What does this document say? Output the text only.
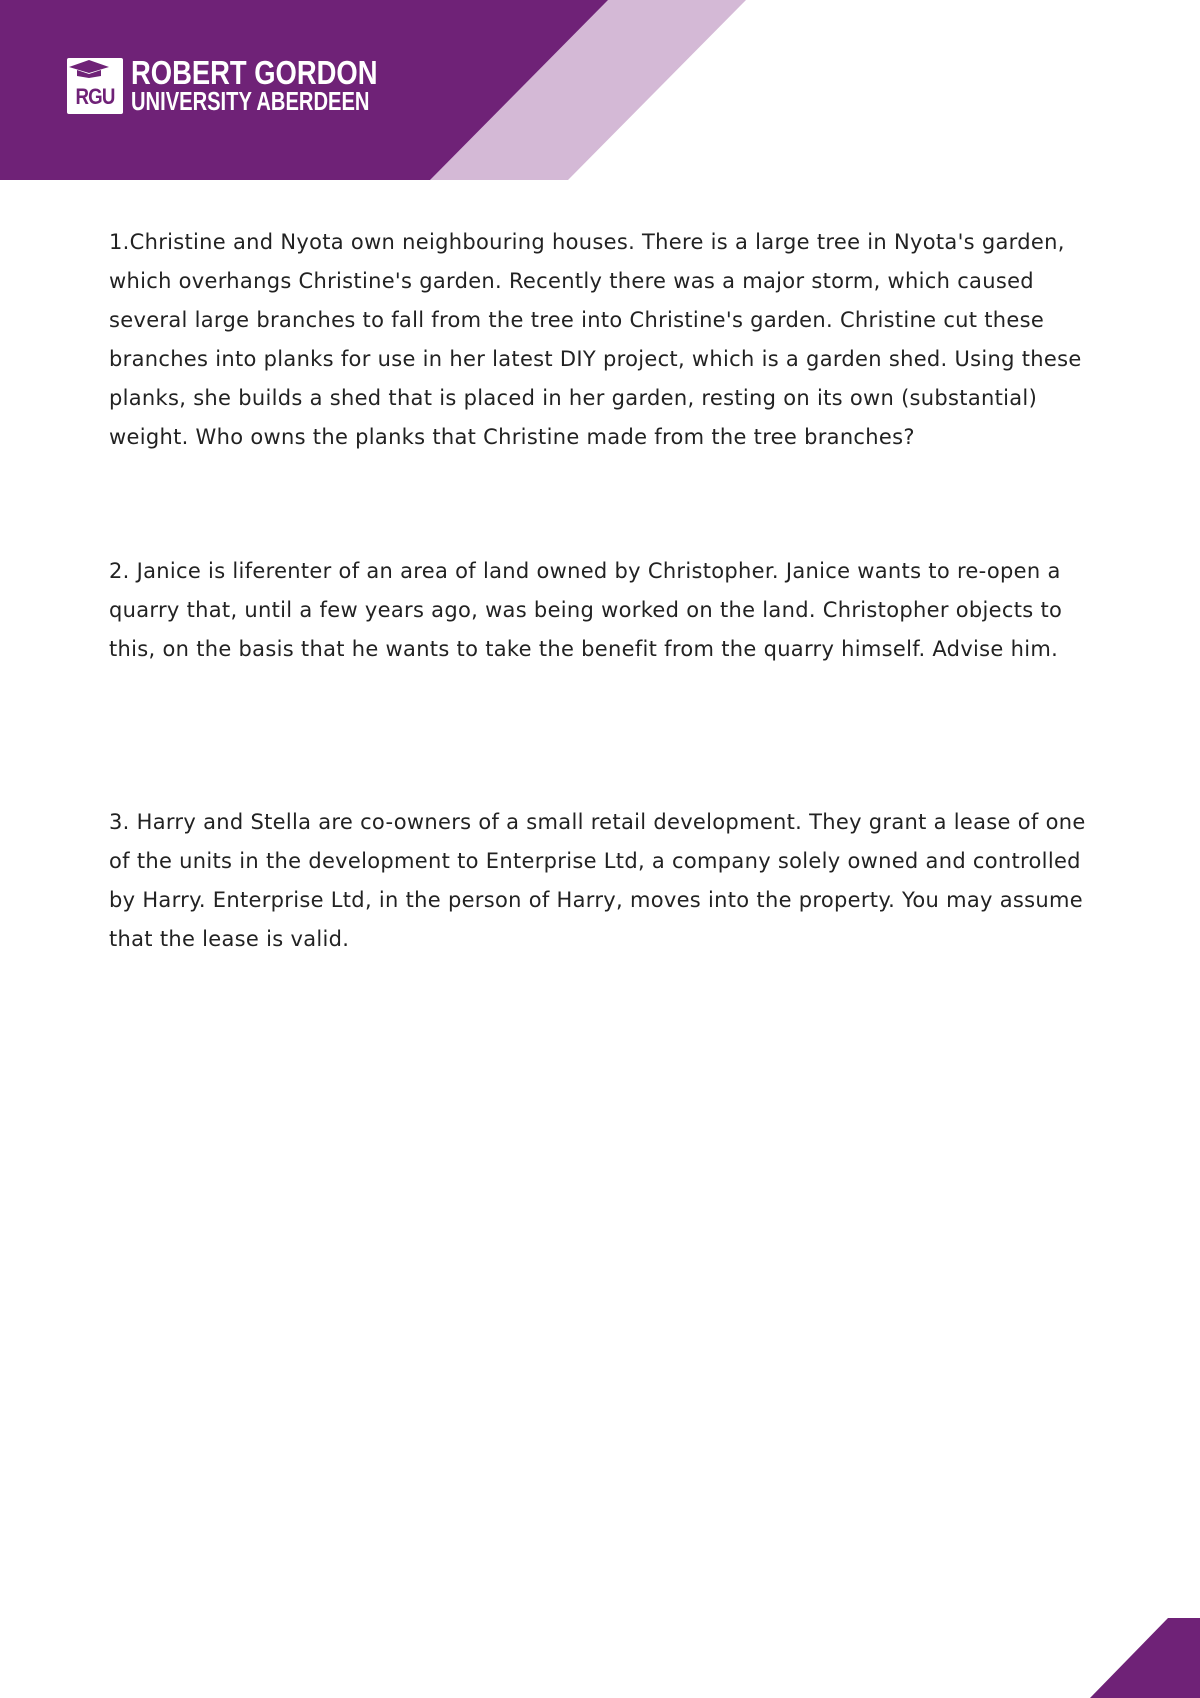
RGU
ROBERT GORDON
UNIVERSITY ABERDEEN

1.Christine and Nyota own neighbouring houses. There is a large tree in Nyota's garden, which overhangs Christine's garden. Recently there was a major storm, which caused several large branches to fall from the tree into Christine's garden. Christine cut these branches into planks for use in her latest DIY project, which is a garden shed. Using these planks, she builds a shed that is placed in her garden, resting on its own (substantial) weight. Who owns the planks that Christine made from the tree branches?

2. Janice is liferenter of an area of land owned by Christopher. Janice wants to re-open a quarry that, until a few years ago, was being worked on the land. Christopher objects to this, on the basis that he wants to take the benefit from the quarry himself. Advise him.

3. Harry and Stella are co-owners of a small retail development. They grant a lease of one of the units in the development to Enterprise Ltd, a company solely owned and controlled by Harry. Enterprise Ltd, in the person of Harry, moves into the property. You may assume that the lease is valid.
